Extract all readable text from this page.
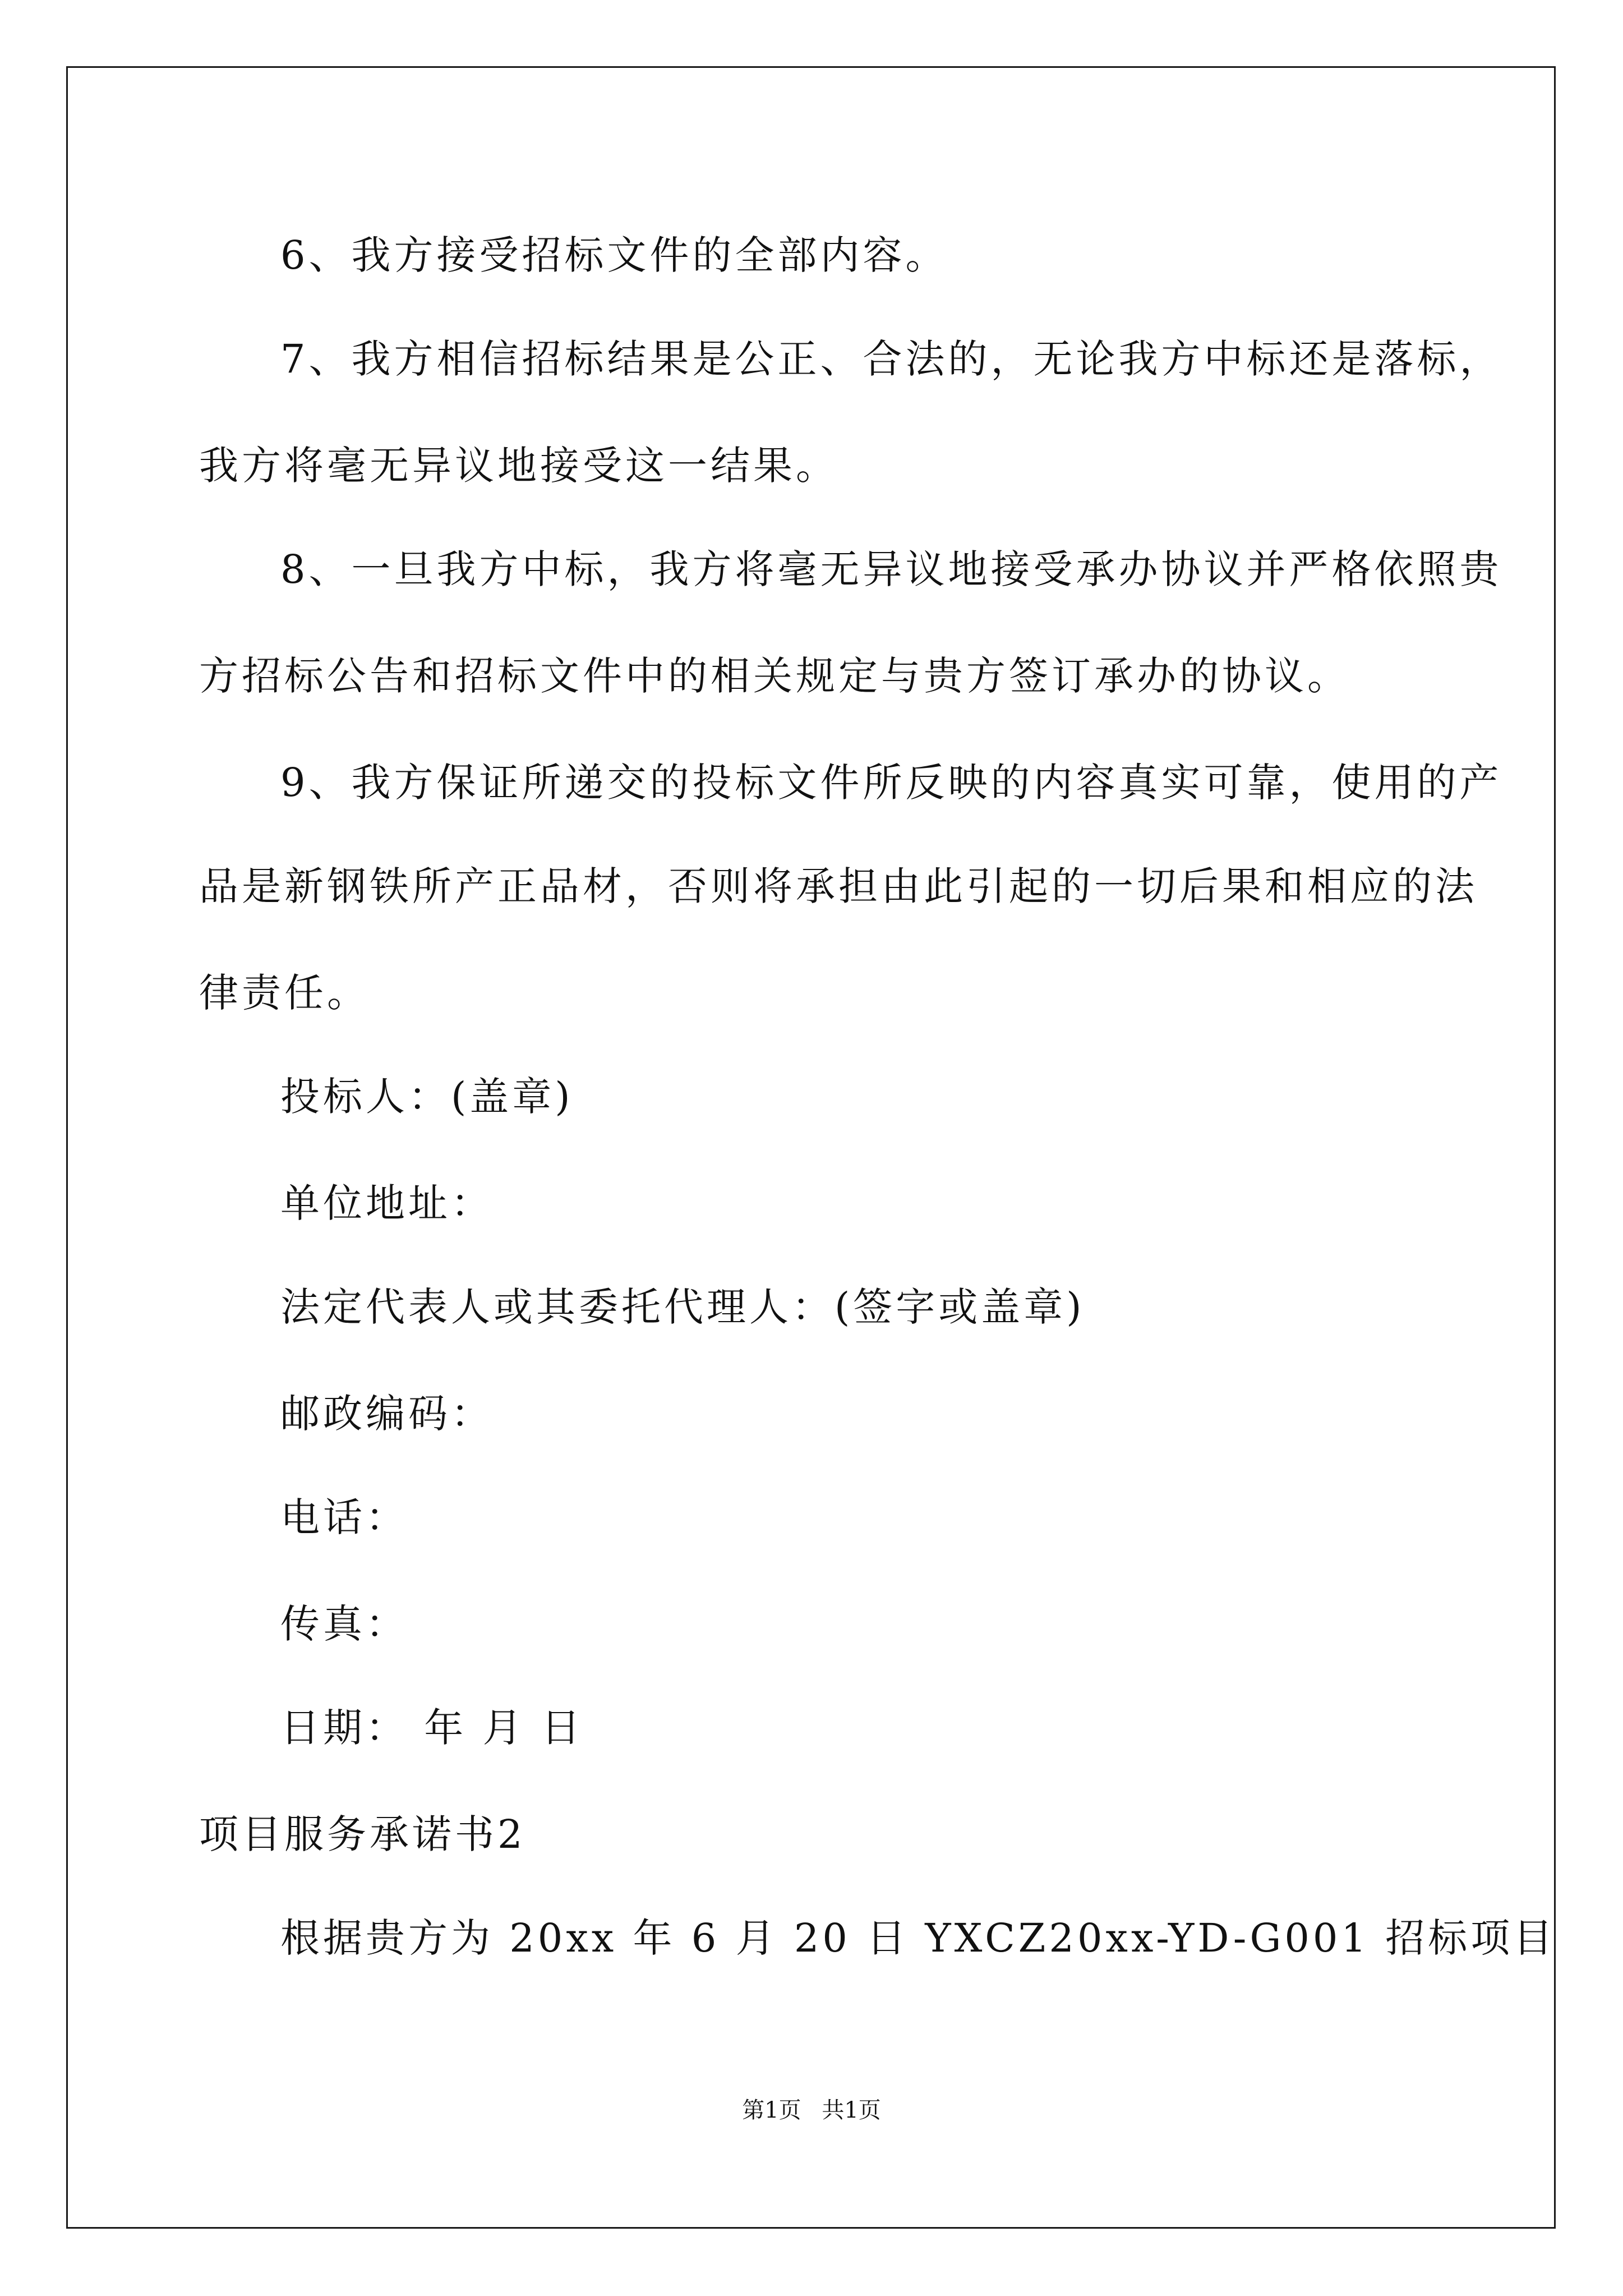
6、我方接受招标文件的全部内容。
7、我方相信招标结果是公正、合法的，无论我方中标还是落标，
我方将毫无异议地接受这一结果。
8、一旦我方中标，我方将毫无异议地接受承办协议并严格依照贵
方招标公告和招标文件中的相关规定与贵方签订承办的协议。
9、我方保证所递交的投标文件所反映的内容真实可靠，使用的产
品是新钢铁所产正品材，否则将承担由此引起的一切后果和相应的法
律责任。
投标人：(盖章)
单位地址：
法定代表人或其委托代理人：(签字或盖章)
邮政编码：
电话：
传真：
日期： 年 月 日
项目服务承诺书2
根据贵方为 20xx 年 6 月 20 日 YXCZ20xx-YD-G001 招标项目
第1页 共1页
